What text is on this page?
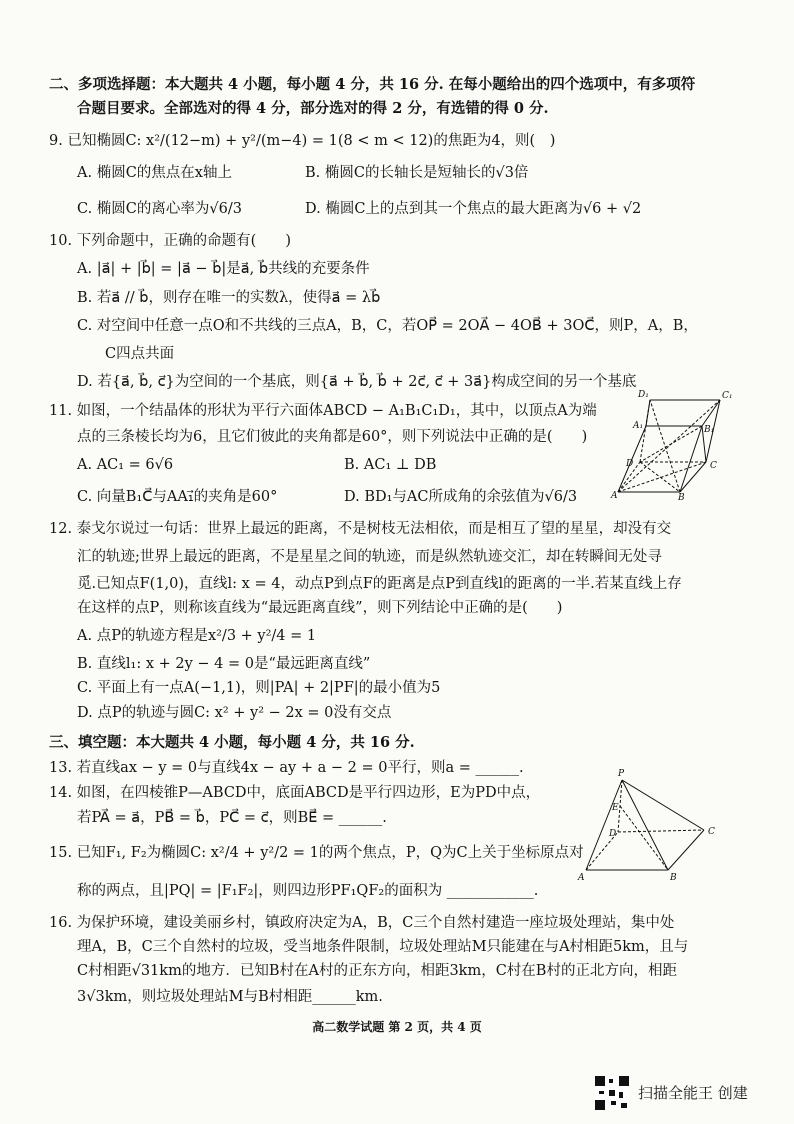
二、多项选择题：本大题共 4 小题，每小题 4 分，共 16 分. 在每小题给出的四个选项中，有多项符
合题目要求。全部选对的得 4 分，部分选对的得 2 分，有选错的得 0 分.
9. 已知椭圆C: x²/(12−m) + y²/(m−4) = 1(8 < m < 12)的焦距为4，则(　)
A. 椭圆C的焦点在x轴上	B. 椭圆C的长轴长是短轴长的√3倍
C. 椭圆C的离心率为√6/3	D. 椭圆C上的点到其一个焦点的最大距离为√6 + √2
10. 下列命题中，正确的命题有(　　)
A. |a⃗| + |b⃗| = |a⃗ − b⃗|是a⃗, b⃗共线的充要条件
B. 若a⃗ // b⃗，则存在唯一的实数λ，使得a⃗ = λb⃗
C. 对空间中任意一点O和不共线的三点A，B，C，若OP⃗ = 2OA⃗ − 4OB⃗ + 3OC⃗，则P，A，B，
C四点共面
D. 若{a⃗, b⃗, c⃗}为空间的一个基底，则{a⃗ + b⃗, b⃗ + 2c⃗, c⃗ + 3a⃗}构成空间的另一个基底
11. 如图，一个结晶体的形状为平行六面体ABCD − A₁B₁C₁D₁，其中，以顶点A为端
点的三条棱长均为6，且它们彼此的夹角都是60°，则下列说法中正确的是(　　)
A. AC₁ = 6√6	B. AC₁ ⊥ DB
C. 向量B₁C⃗与AA₁⃗的夹角是60°	D. BD₁与AC所成角的余弦值为√6/3
D₁	C₁
A₁	B₁
D	C
A	B
12. 泰戈尔说过一句话：世界上最远的距离，不是树枝无法相依，而是相互了望的星星，却没有交
汇的轨迹;世界上最远的距离，不是星星之间的轨迹，而是纵然轨迹交汇，却在转瞬间无处寻
觅.已知点F(1,0)，直线l: x = 4，动点P到点F的距离是点P到直线l的距离的一半.若某直线上存
在这样的点P，则称该直线为“最远距离直线”，则下列结论中正确的是(　　)
A. 点P的轨迹方程是x²/3 + y²/4 = 1
B. 直线l₁: x + 2y − 4 = 0是“最远距离直线”
C. 平面上有一点A(−1,1)，则|PA| + 2|PF|的最小值为5
D. 点P的轨迹与圆C: x² + y² − 2x = 0没有交点
三、填空题：本大题共 4 小题，每小题 4 分，共 16 分.
13. 若直线ax − y = 0与直线4x − ay + a − 2 = 0平行，则a = ______.
14. 如图，在四棱锥P—ABCD中，底面ABCD是平行四边形，E为PD中点，
若PA⃗ = a⃗，PB⃗ = b⃗，PC⃗ = c⃗，则BE⃗ = ______.
15. 已知F₁, F₂为椭圆C: x²/4 + y²/2 = 1的两个焦点，P，Q为C上关于坐标原点对
称的两点，且|PQ| = |F₁F₂|，则四边形PF₁QF₂的面积为 ____________.
P
E
D	C
A	B
16. 为保护环境，建设美丽乡村，镇政府决定为A，B，C三个自然村建造一座垃圾处理站，集中处
理A，B，C三个自然村的垃圾，受当地条件限制，垃圾处理站M只能建在与A村相距5km，且与
C村相距√31km的地方．已知B村在A村的正东方向，相距3km，C村在B村的正北方向，相距
3√3km，则垃圾处理站M与B村相距______km.
高二数学试题 第 2 页，共 4 页
扫描全能王 创建
